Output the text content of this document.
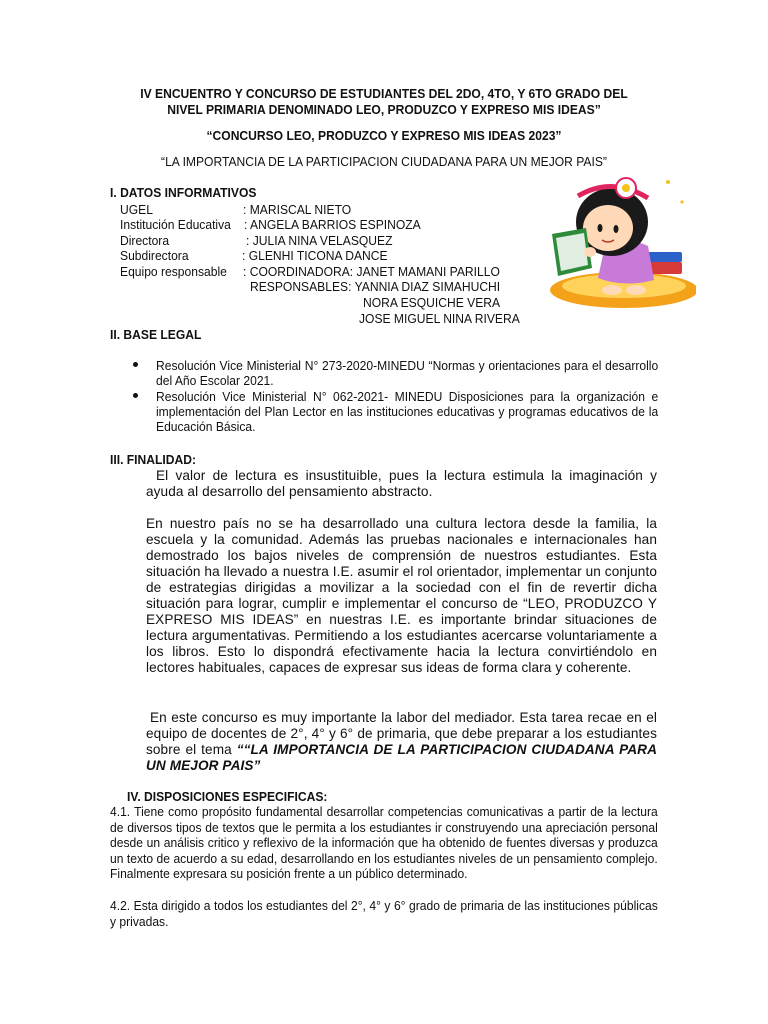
IV ENCUENTRO Y CONCURSO DE ESTUDIANTES DEL 2DO, 4TO, Y 6TO GRADO DEL
NIVEL PRIMARIA DENOMINADO LEO, PRODUZCO Y EXPRESO MIS IDEAS”
“CONCURSO LEO, PRODUZCO Y EXPRESO MIS IDEAS 2023”
“LA IMPORTANCIA DE LA PARTICIPACION CIUDADANA PARA UN MEJOR PAIS”
I. DATOS INFORMATIVOS
UGEL	: MARISCAL NIETO
Institución Educativa : ANGELA BARRIOS ESPINOZA
Directora	: JULIA NINA VELASQUEZ
Subdirectora	: GLENHI TICONA DANCE
Equipo responsable : COORDINADORA: JANET MAMANI PARILLO
RESPONSABLES: YANNIA DIAZ SIMAHUCHI
NORA ESQUICHE VERA
JOSE MIGUEL NINA RIVERA
II. BASE LEGAL
Resolución Vice Ministerial N° 273-2020-MINEDU “Normas y orientaciones para el desarrollo del Año Escolar 2021.
Resolución Vice Ministerial N° 062-2021- MINEDU Disposiciones para la organización e implementación del Plan Lector en las instituciones educativas y programas educativos de la Educación Básica.
III. FINALIDAD:
El valor de lectura es insustituible, pues la lectura estimula la imaginación y ayuda al desarrollo del pensamiento abstracto.
En nuestro país no se ha desarrollado una cultura lectora desde la familia, la escuela y la comunidad. Además las pruebas nacionales e internacionales han demostrado los bajos niveles de comprensión de nuestros estudiantes. Esta situación ha llevado a nuestra I.E. asumir el rol orientador, implementar un conjunto de estrategias dirigidas a movilizar a la sociedad con el fin de revertir dicha situación para lograr, cumplir e implementar el concurso de “LEO, PRODUZCO Y EXPRESO MIS IDEAS” en nuestras I.E. es importante brindar situaciones de lectura argumentativas. Permitiendo a los estudiantes acercarse voluntariamente a los libros. Esto lo dispondrá efectivamente hacia la lectura convirtiéndolo en lectores habituales, capaces de expresar sus ideas de forma clara y coherente.
En este concurso es muy importante la labor del mediador. Esta tarea recae en el equipo de docentes de 2°, 4° y 6° de primaria, que debe preparar a los estudiantes sobre el tema ““LA IMPORTANCIA DE LA PARTICIPACION CIUDADANA PARA UN MEJOR PAIS”
IV. DISPOSICIONES ESPECIFICAS:
4.1. Tiene como propósito fundamental desarrollar competencias comunicativas a partir de la lectura de diversos tipos de textos que le permita a los estudiantes ir construyendo una apreciación personal desde un análisis critico y reflexivo de la información que ha obtenido de fuentes diversas y produzca un texto de acuerdo a su edad, desarrollando en los estudiantes niveles de un pensamiento complejo. Finalmente expresara su posición frente a un público determinado.
4.2. Esta dirigido a todos los estudiantes del 2°, 4° y 6° grado de primaria de las instituciones públicas y privadas.
